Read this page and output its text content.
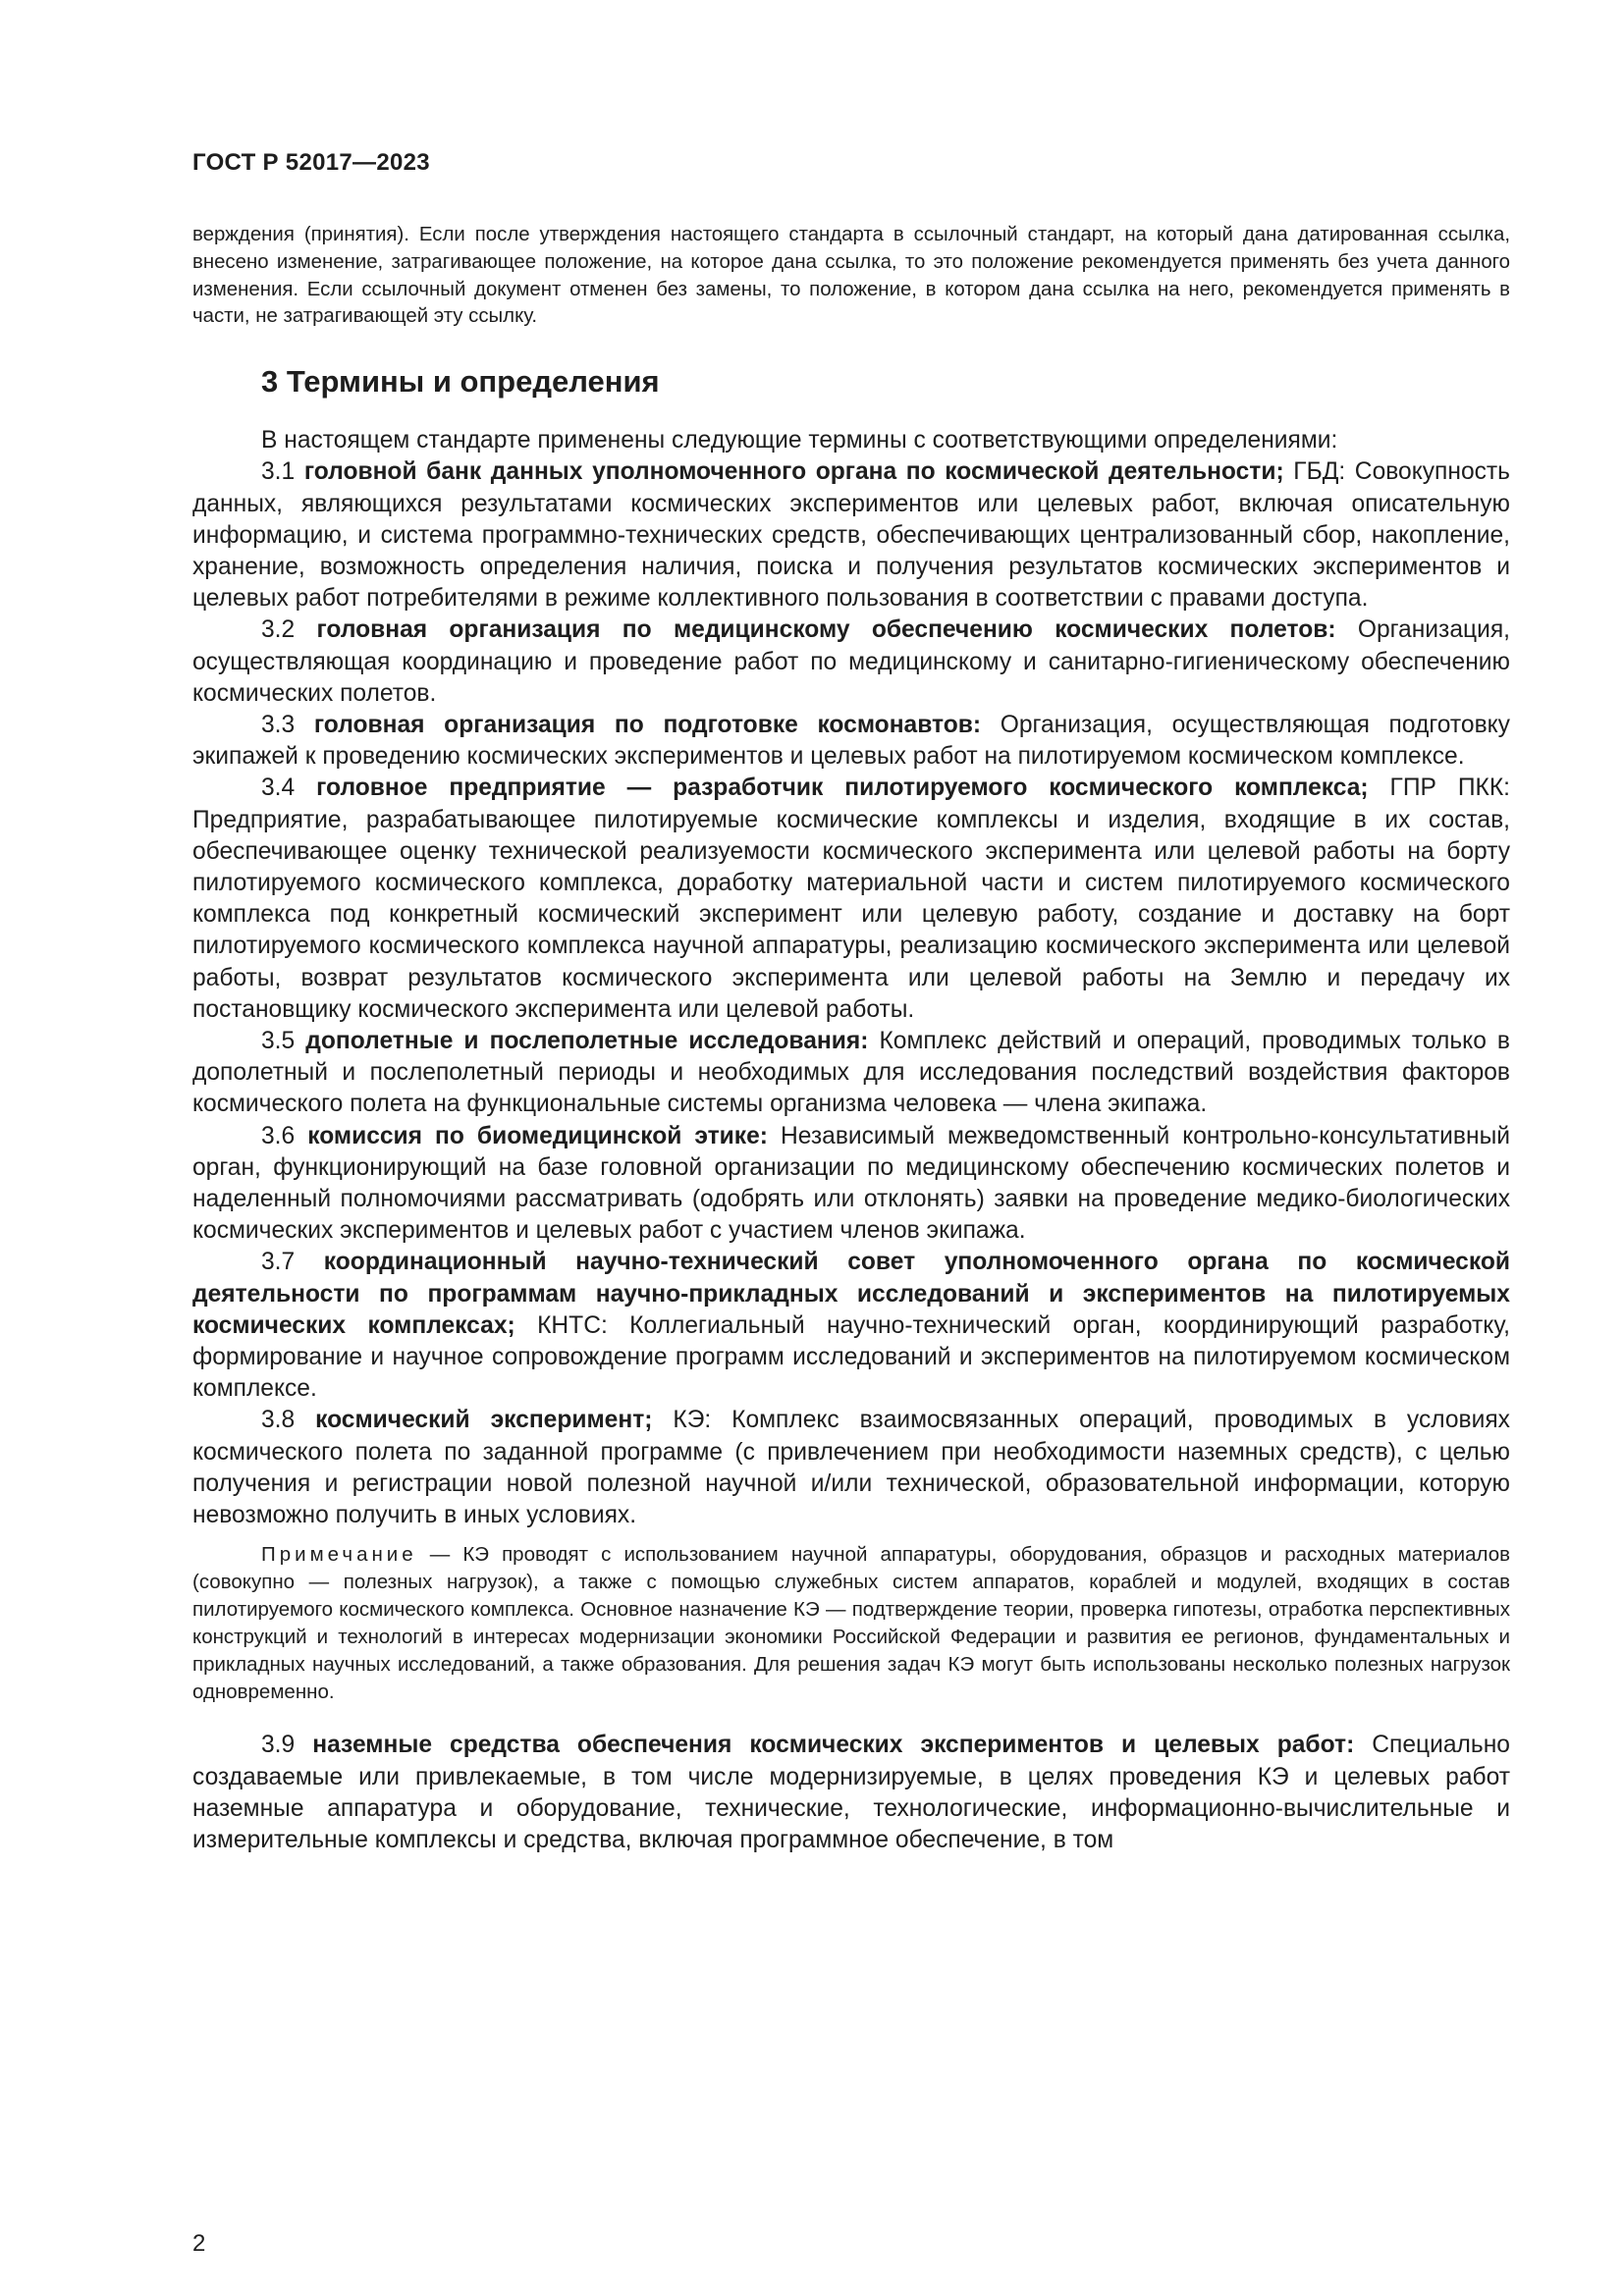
ГОСТ Р 52017—2023

верждения (принятия). Если после утверждения настоящего стандарта в ссылочный стандарт, на который дана датированная ссылка, внесено изменение, затрагивающее положение, на которое дана ссылка, то это положение рекомендуется применять без учета данного изменения. Если ссылочный документ отменен без замены, то положение, в котором дана ссылка на него, рекомендуется применять в части, не затрагивающей эту ссылку.

3 Термины и определения

В настоящем стандарте применены следующие термины с соответствующими определениями:

3.1 головной банк данных уполномоченного органа по космической деятельности; ГБД: Совокупность данных, являющихся результатами космических экспериментов или целевых работ, включая описательную информацию, и система программно-технических средств, обеспечивающих централизованный сбор, накопление, хранение, возможность определения наличия, поиска и получения результатов космических экспериментов и целевых работ потребителями в режиме коллективного пользования в соответствии с правами доступа.

3.2 головная организация по медицинскому обеспечению космических полетов: Организация, осуществляющая координацию и проведение работ по медицинскому и санитарно-гигиеническому обеспечению космических полетов.

3.3 головная организация по подготовке космонавтов: Организация, осуществляющая подготовку экипажей к проведению космических экспериментов и целевых работ на пилотируемом космическом комплексе.

3.4 головное предприятие — разработчик пилотируемого космического комплекса; ГПР ПКК: Предприятие, разрабатывающее пилотируемые космические комплексы и изделия, входящие в их состав, обеспечивающее оценку технической реализуемости космического эксперимента или целевой работы на борту пилотируемого космического комплекса, доработку материальной части и систем пилотируемого космического комплекса под конкретный космический эксперимент или целевую работу, создание и доставку на борт пилотируемого космического комплекса научной аппаратуры, реализацию космического эксперимента или целевой работы, возврат результатов космического эксперимента или целевой работы на Землю и передачу их постановщику космического эксперимента или целевой работы.

3.5 дополетные и послеполетные исследования: Комплекс действий и операций, проводимых только в дополетный и послеполетный периоды и необходимых для исследования последствий воздействия факторов космического полета на функциональные системы организма человека — члена экипажа.

3.6 комиссия по биомедицинской этике: Независимый межведомственный контрольно-консультативный орган, функционирующий на базе головной организации по медицинскому обеспечению космических полетов и наделенный полномочиями рассматривать (одобрять или отклонять) заявки на проведение медико-биологических космических экспериментов и целевых работ с участием членов экипажа.

3.7 координационный научно-технический совет уполномоченного органа по космической деятельности по программам научно-прикладных исследований и экспериментов на пилотируемых космических комплексах; КНТС: Коллегиальный научно-технический орган, координирующий разработку, формирование и научное сопровождение программ исследований и экспериментов на пилотируемом космическом комплексе.

3.8 космический эксперимент; КЭ: Комплекс взаимосвязанных операций, проводимых в условиях космического полета по заданной программе (с привлечением при необходимости наземных средств), с целью получения и регистрации новой полезной научной и/или технической, образовательной информации, которую невозможно получить в иных условиях.

Примечание — КЭ проводят с использованием научной аппаратуры, оборудования, образцов и расходных материалов (совокупно — полезных нагрузок), а также с помощью служебных систем аппаратов, кораблей и модулей, входящих в состав пилотируемого космического комплекса. Основное назначение КЭ — подтверждение теории, проверка гипотезы, отработка перспективных конструкций и технологий в интересах модернизации экономики Российской Федерации и развития ее регионов, фундаментальных и прикладных научных исследований, а также образования. Для решения задач КЭ могут быть использованы несколько полезных нагрузок одновременно.

3.9 наземные средства обеспечения космических экспериментов и целевых работ: Специально создаваемые или привлекаемые, в том числе модернизируемые, в целях проведения КЭ и целевых работ наземные аппаратура и оборудование, технические, технологические, информационно-вычислительные и измерительные комплексы и средства, включая программное обеспечение, в том

2
